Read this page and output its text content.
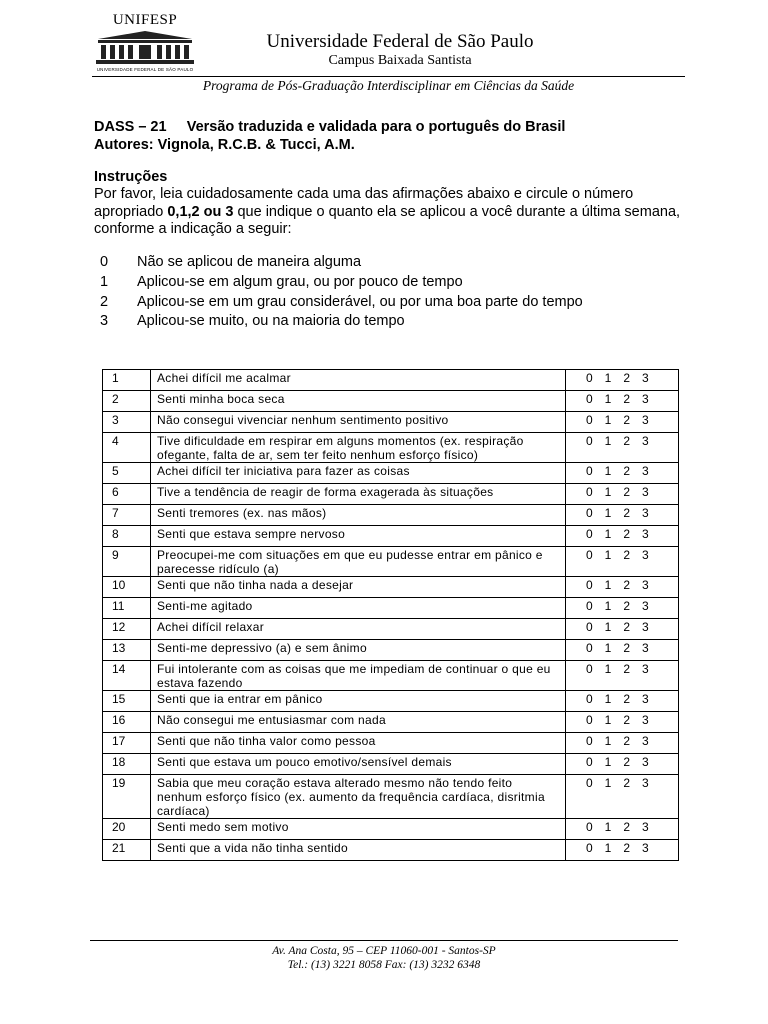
UNIFESP
UNIVERSIDADE FEDERAL DE SÃO PAULO
Universidade Federal de São Paulo
Campus Baixada Santista
Programa de Pós-Graduação Interdisciplinar em Ciências da Saúde
DASS – 21 Versão traduzida e validada para o português do Brasil
Autores: Vignola, R.C.B. & Tucci, A.M.
Instruções
Por favor, leia cuidadosamente cada uma das afirmações abaixo e circule o número apropriado 0,1,2 ou 3 que indique o quanto ela se aplicou a você durante a última semana, conforme a indicação a seguir:
0	Não se aplicou de maneira alguma
1	Aplicou-se em algum grau, ou por pouco de tempo
2	Aplicou-se em um grau considerável, ou por uma boa parte do tempo
3	Aplicou-se muito, ou na maioria do tempo
1	Achei difícil me acalmar	0   1   2   3
2	Senti minha boca seca	0   1   2   3
3	Não consegui vivenciar nenhum sentimento positivo	0   1   2   3
4	Tive dificuldade em respirar em alguns momentos (ex. respiração ofegante, falta de ar, sem ter feito nenhum esforço físico)	0   1   2   3
5	Achei difícil ter iniciativa para fazer as coisas	0   1   2   3
6	Tive a tendência de reagir de forma exagerada às situações	0   1   2   3
7	Senti tremores (ex. nas mãos)	0   1   2   3
8	Senti que estava sempre nervoso	0   1   2   3
9	Preocupei-me com situações em que eu pudesse entrar em pânico e parecesse ridículo (a)	0   1   2   3
10	Senti que não tinha nada a desejar	0   1   2   3
11	Senti-me agitado	0   1   2   3
12	Achei difícil relaxar	0   1   2   3
13	Senti-me depressivo (a) e sem ânimo	0   1   2   3
14	Fui intolerante com as coisas que me impediam de continuar o que eu estava fazendo	0   1   2   3
15	Senti que ia entrar em pânico	0   1   2   3
16	Não consegui me entusiasmar com nada	0   1   2   3
17	Senti que não tinha valor como pessoa	0   1   2   3
18	Senti que estava um pouco emotivo/sensível demais	0   1   2   3
19	Sabia que meu coração estava alterado mesmo não tendo feito nenhum esforço físico (ex. aumento da frequência cardíaca, disritmia cardíaca)	0   1   2   3
20	Senti medo sem motivo	0   1   2   3
21	Senti que a vida não tinha sentido	0   1   2   3
Av. Ana Costa, 95 – CEP 11060-001 - Santos-SP
Tel.: (13) 3221 8058 Fax: (13) 3232 6348
